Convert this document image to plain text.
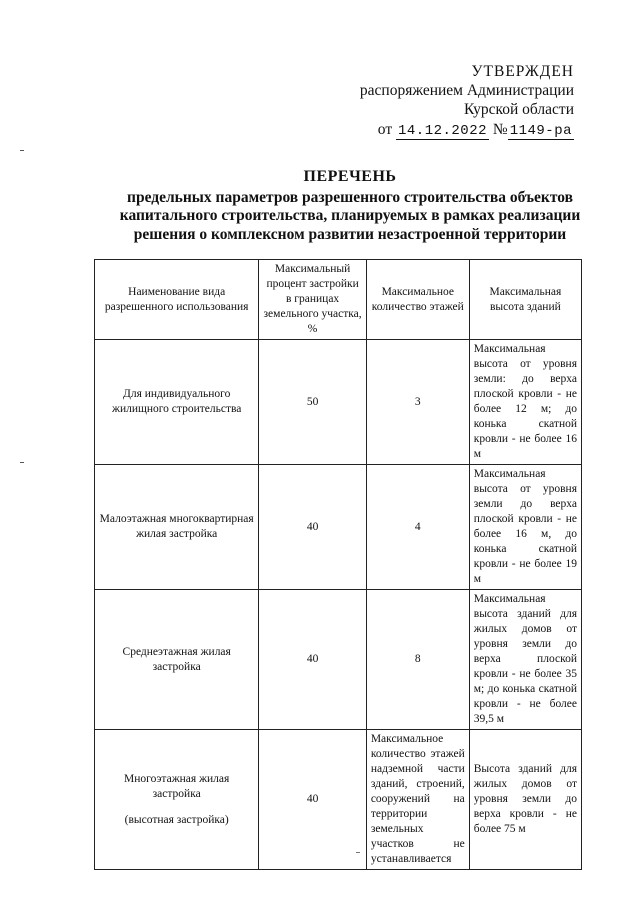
УТВЕРЖДЕН
распоряжением Администрации
Курской области
от 14.12.2022 № 1149-ра
ПЕРЕЧЕНЬ
предельных параметров разрешенного строительства объектов
капитального строительства, планируемых в рамках реализации
решения о комплексном развитии незастроенной территории
Наименование вида разрешенного использования	Максимальный процент застройки в границах земельного участка, %	Максимальное количество этажей	Максимальная высота зданий
Для индивидуального жилищного строительства	50	3	Максимальная высота от уровня земли: до верха плоской кровли - не более 12 м; до конька скатной кровли - не более 16 м
Малоэтажная многоквартирная жилая застройка	40	4	Максимальная высота от уровня земли до верха плоской кровли - не более 16 м, до конька скатной кровли - не более 19 м
Среднеэтажная жилая застройка	40	8	Максимальная высота зданий для жилых домов от уровня земли до верха плоской кровли - не более 35 м; до конька скатной кровли - не более 39,5 м
Многоэтажная жилая застройка
(высотная застройка)	40	Максимальное количество этажей надземной части зданий, строений, сооружений на территории земельных участков не устанавливается	Высота зданий для жилых домов от уровня земли до верха кровли - не более 75 м
